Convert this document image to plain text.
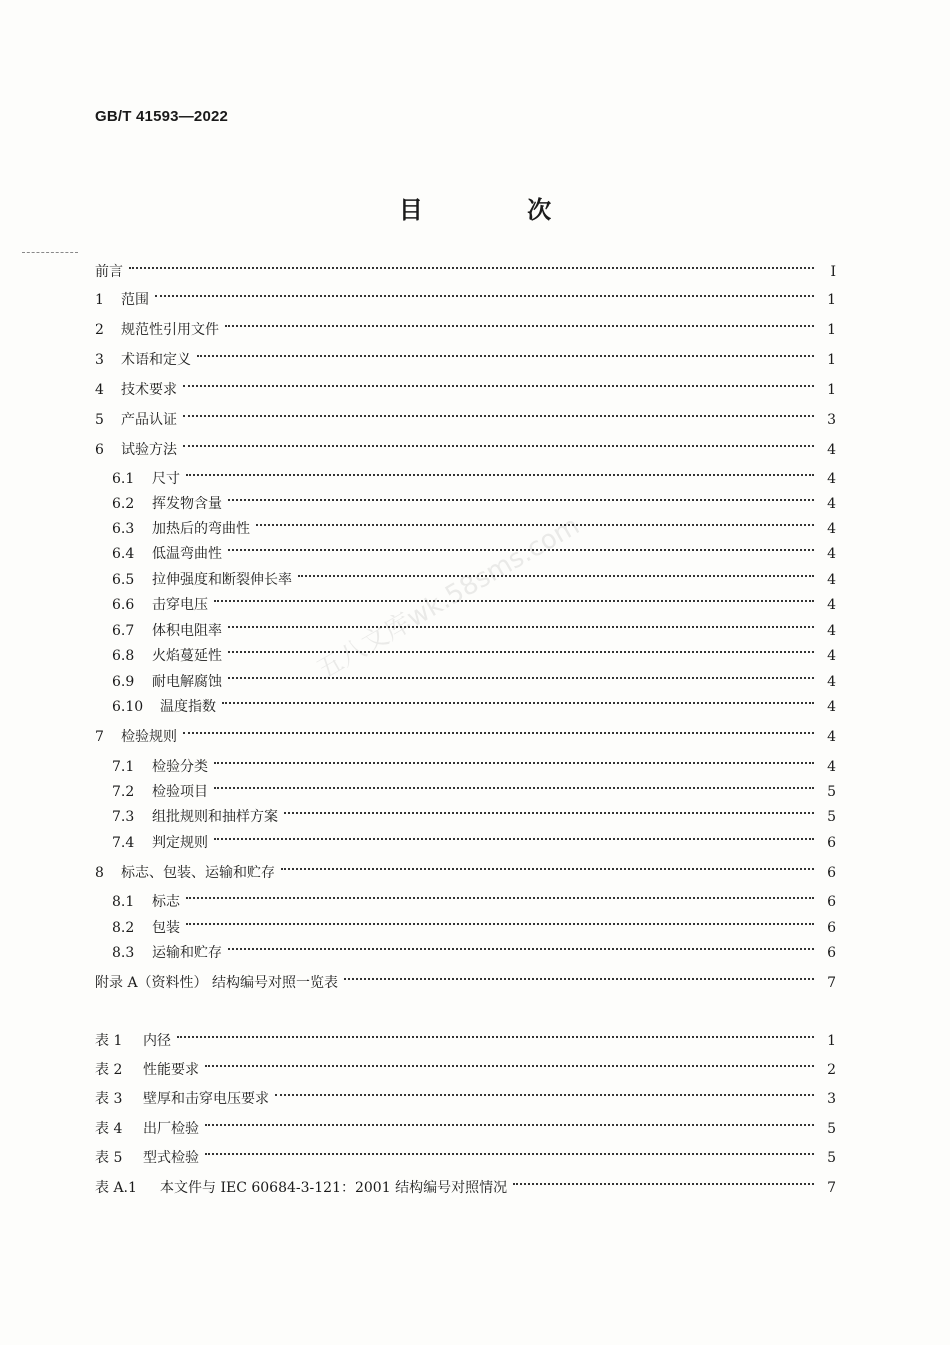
GB/T 41593—2022
目 次
五八文库wk.58sms.com
前言	Ⅰ
1 范围	1
2 规范性引用文件	1
3 术语和定义	1
4 技术要求	1
5 产品认证	3
6 试验方法	4
6.1 尺寸	4
6.2 挥发物含量	4
6.3 加热后的弯曲性	4
6.4 低温弯曲性	4
6.5 拉伸强度和断裂伸长率	4
6.6 击穿电压	4
6.7 体积电阻率	4
6.8 火焰蔓延性	4
6.9 耐电解腐蚀	4
6.10 温度指数	4
7 检验规则	4
7.1 检验分类	4
7.2 检验项目	5
7.3 组批规则和抽样方案	5
7.4 判定规则	6
8 标志、包装、运输和贮存	6
8.1 标志	6
8.2 包装	6
8.3 运输和贮存	6
附录 A（资料性） 结构编号对照一览表	7
表 1 内径	1
表 2 性能要求	2
表 3 壁厚和击穿电压要求	3
表 4 出厂检验	5
表 5 型式检验	5
表 A.1 本文件与 IEC 60684-3-121：2001 结构编号对照情况	7
